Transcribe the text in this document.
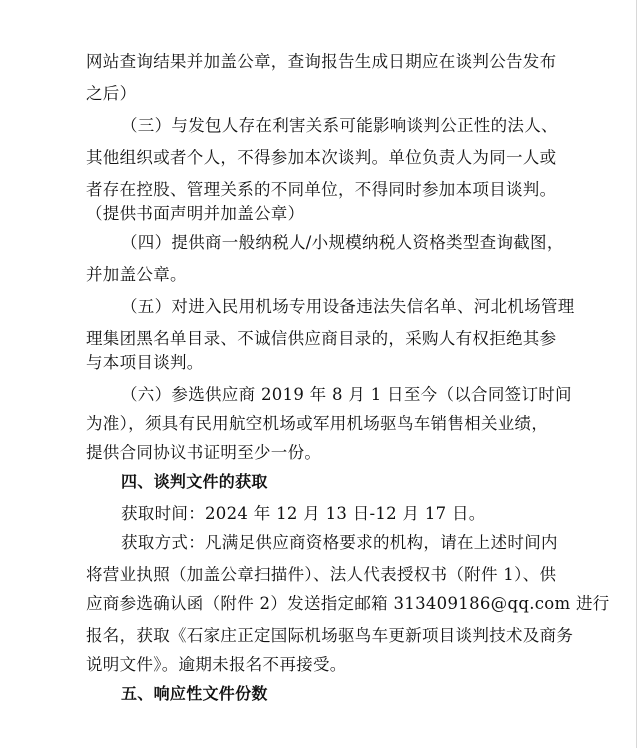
网站查询结果并加盖公章，查询报告生成日期应在谈判公告发布
之后）
（三）与发包人存在利害关系可能影响谈判公正性的法人、
其他组织或者个人，不得参加本次谈判。单位负责人为同一人或
者存在控股、管理关系的不同单位，不得同时参加本项目谈判。
（提供书面声明并加盖公章）
（四）提供商一般纳税人/小规模纳税人资格类型查询截图，
并加盖公章。
（五）对进入民用机场专用设备违法失信名单、河北机场管理
理集团黑名单目录、不诚信供应商目录的，采购人有权拒绝其参
与本项目谈判。
（六）参选供应商 2019 年 8 月 1 日至今（以合同签订时间
为准），须具有民用航空机场或军用机场驱鸟车销售相关业绩，
提供合同协议书证明至少一份。
四、谈判文件的获取
获取时间：2024 年 12 月 13 日-12 月 17 日。
获取方式：凡满足供应商资格要求的机构，请在上述时间内
将营业执照（加盖公章扫描件）、法人代表授权书（附件 1）、供
应商参选确认函（附件 2）发送指定邮箱 313409186@qq.com 进行
报名，获取《石家庄正定国际机场驱鸟车更新项目谈判技术及商务
说明文件》。逾期未报名不再接受。
五、响应性文件份数
